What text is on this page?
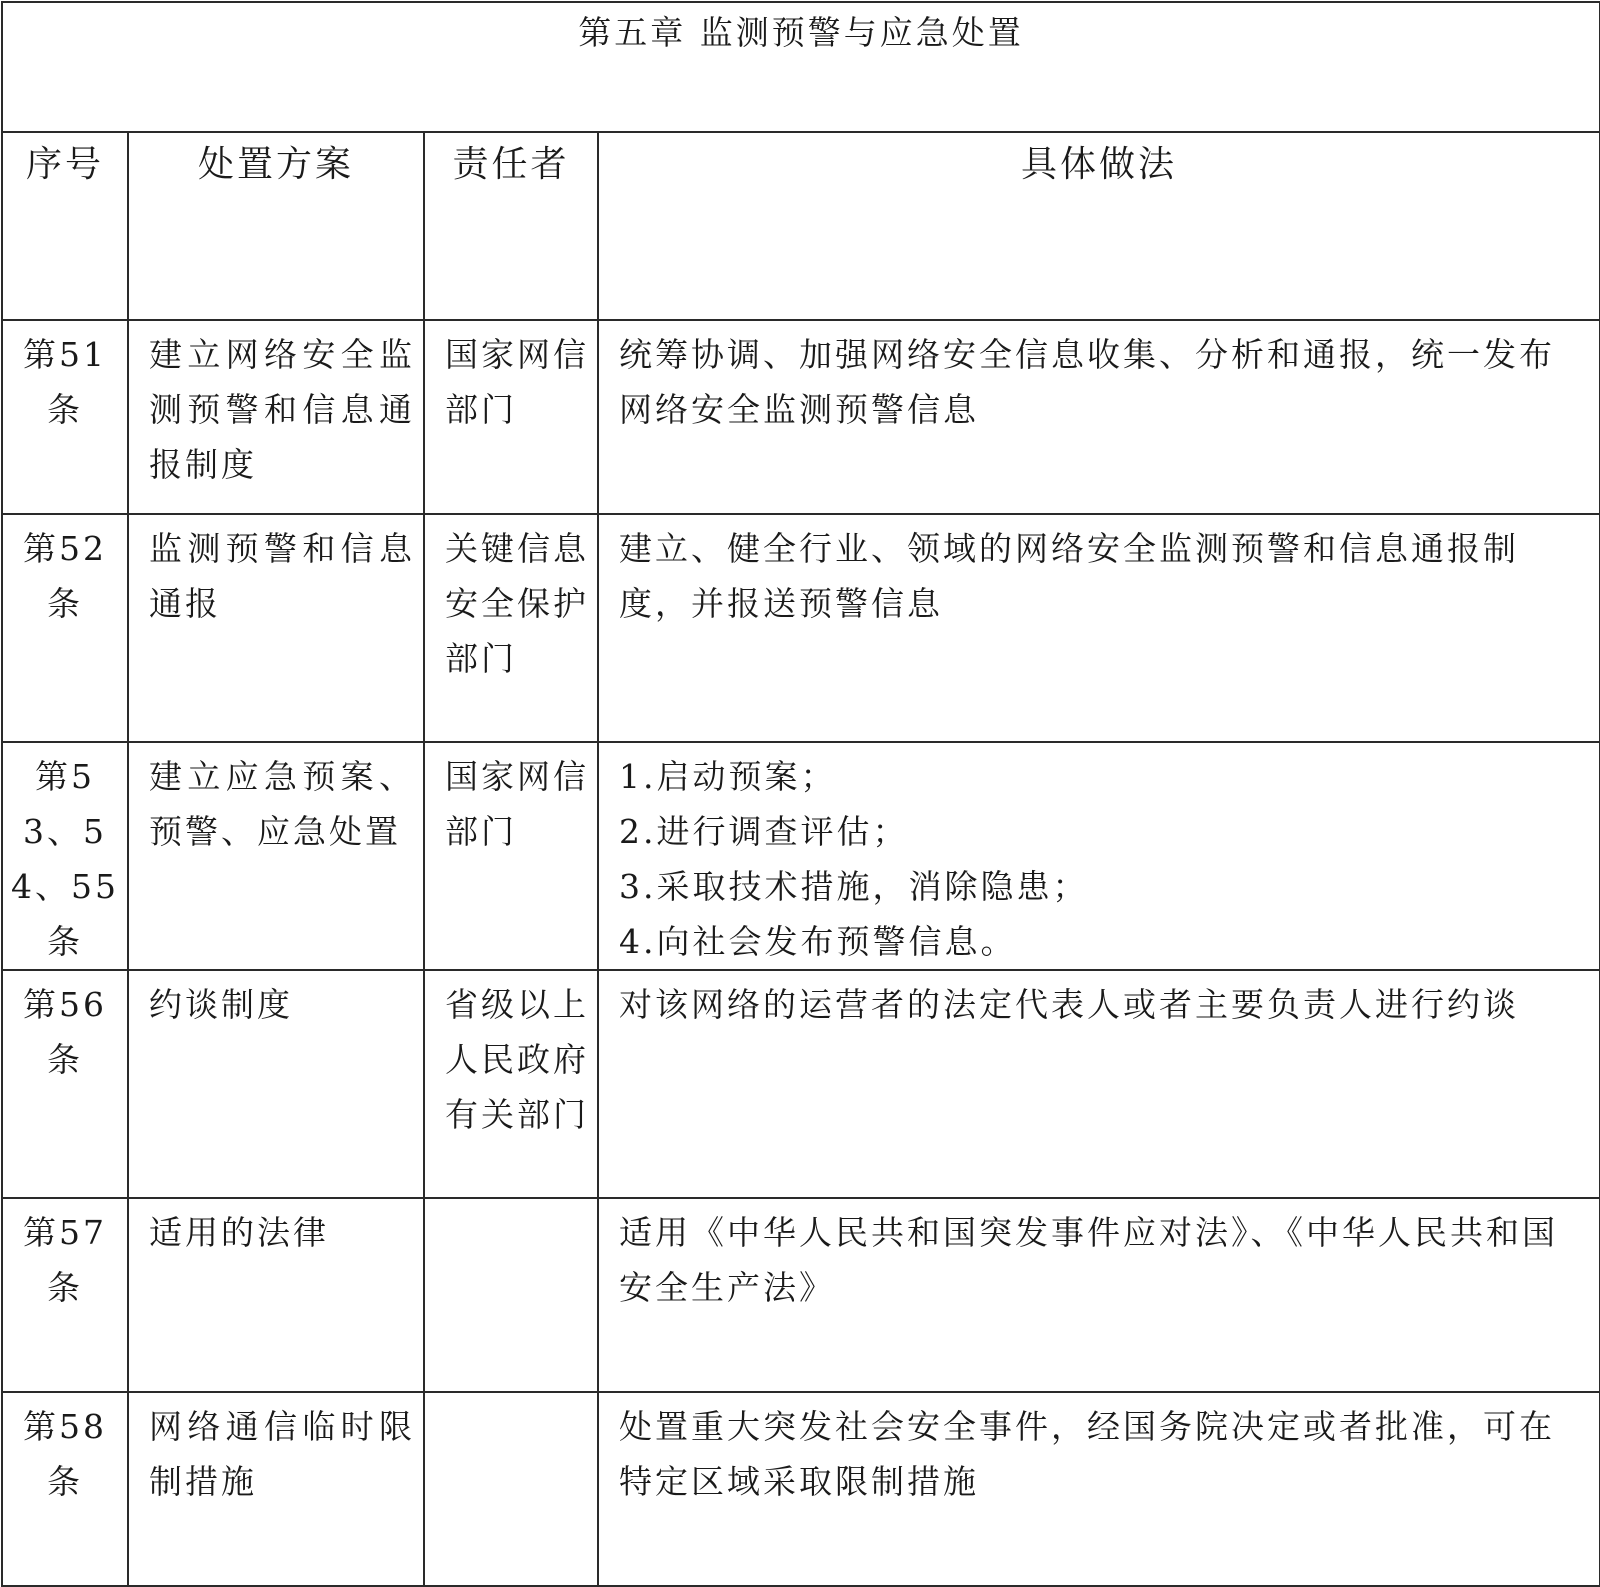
第五章 监测预警与应急处置			
序号	处置方案	责任者	具体做法
第51条	建立网络安全监测预警和信息通报制度	国家网信部门	统筹协调、加强网络安全信息收集、分析和通报，统一发布网络安全监测预警信息
第52条	监测预警和信息通报	关键信息安全保护部门	建立、健全行业、领域的网络安全监测预警和信息通报制度，并报送预警信息
第53、54、55条	建立应急预案、预警、应急处置	国家网信部门	1.启动预案；
2.进行调查评估；
3.采取技术措施，消除隐患；
4.向社会发布预警信息。

第56条	约谈制度	省级以上人民政府有关部门	对该网络的运营者的法定代表人或者主要负责人进行约谈
第57条	适用的法律		适用《中华人民共和国突发事件应对法》、《中华人民共和国安全生产法》
第58条	网络通信临时限制措施		处置重大突发社会安全事件，经国务院决定或者批准，可在特定区域采取限制措施
